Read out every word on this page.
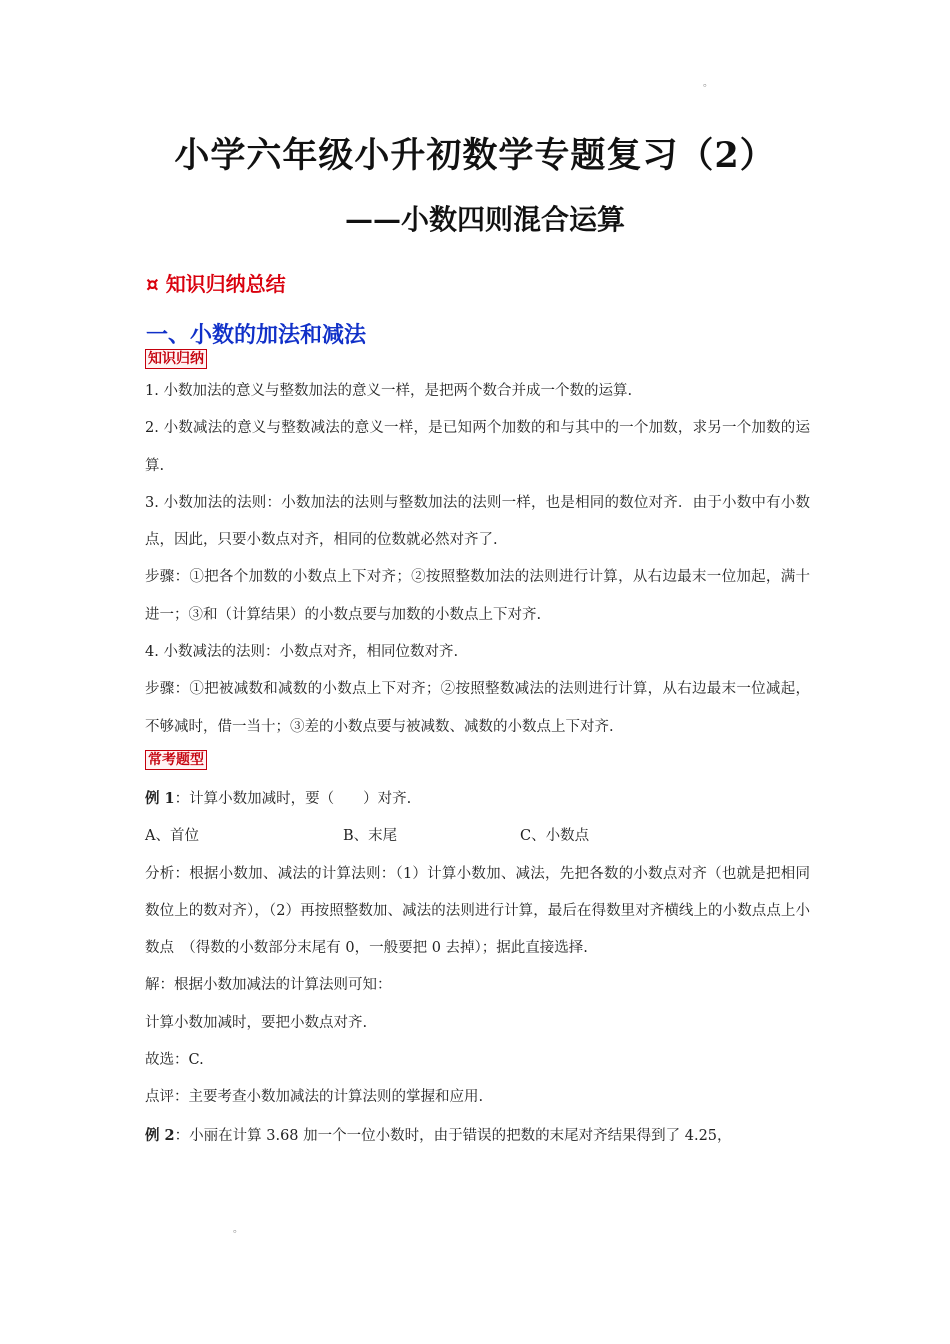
。
小学六年级小升初数学专题复习（2）
——小数四则混合运算
¤ 知识归纳总结
一、小数的加法和减法
知识归纳

1. 小数加法的意义与整数加法的意义一样，是把两个数合并成一个数的运算.

2. 小数减法的意义与整数减法的意义一样，是已知两个加数的和与其中的一个加数，求另一个加数的运算.

3. 小数加法的法则：小数加法的法则与整数加法的法则一样，也是相同的数位对齐．由于小数中有小数点，因此，只要小数点对齐，相同的位数就必然对齐了.

步骤：①把各个加数的小数点上下对齐；②按照整数加法的法则进行计算，从右边最末一位加起，满十进一；③和（计算结果）的小数点要与加数的小数点上下对齐.

4. 小数减法的法则：小数点对齐，相同位数对齐.

步骤：①把被减数和减数的小数点上下对齐；②按照整数减法的法则进行计算，从右边最末一位减起，不够减时，借一当十；③差的小数点要与被减数、减数的小数点上下对齐.

常考题型

例 1：计算小数加减时，要（　　）对齐.

A、首位	B、末尾	C、小数点

分析：根据小数加、减法的计算法则：（1）计算小数加、减法，先把各数的小数点对齐（也就是把相同数位上的数对齐），（2）再按照整数加、减法的法则进行计算，最后在得数里对齐横线上的小数点点上小数点　（得数的小数部分末尾有 0，一般要把 0 去掉）；据此直接选择.

解：根据小数加减法的计算法则可知：

计算小数加减时，要把小数点对齐.

故选：C.

点评：主要考查小数加减法的计算法则的掌握和应用.

例 2：小丽在计算 3.68 加一个一位小数时，由于错误的把数的末尾对齐结果得到了 4.25，

。
